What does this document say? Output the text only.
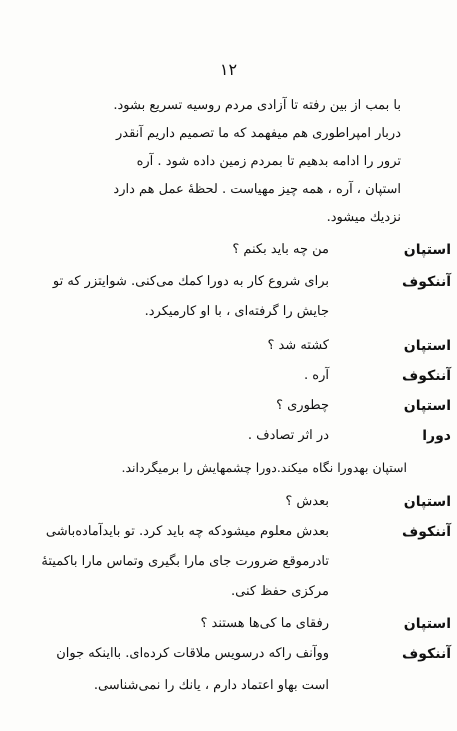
۱۲
با بمب از بین رفته تا آزادی مردم روسیه تسریع بشود.
دربار امپراطوری هم میفهمد که ما تصمیم داریم آنقدر
ترور را ادامه بدهیم تا بمردم زمین داده شود . آره
استپان ، آره ، همه چیز مهیاست . لحظهٔ عمل هم دارد
نزدیك میشود.
استپان
من چه باید بکنم ؟
آننکوف
برای شروع کار به دورا کمك می‌کنی. شوایتزر که تو
جایش را گرفته‌ای ، با او کارمیکرد.
استپان
کشته شد ؟
آننکوف
آره .
استپان
چطوری ؟
دورا
در اثر تصادف .
استپان بهدورا نگاه میکند.دورا چشمهایش را برمیگرداند.
استپان
بعدش ؟
آننکوف
بعدش معلوم میشودکه چه باید کرد. تو بایدآماده‌باشی
تادرموقع ضرورت جای مارا بگیری وتماس مارا باکمیتهٔ
مرکزی حفظ کنی.
استپان
رفقای ما کی‌ها هستند ؟
آننکوف
ووآنف راکه درسویس ملاقات کرده‌ای. بااینکه جوان
است بهاو اعتماد دارم ، یانك را نمی‌شناسی.
